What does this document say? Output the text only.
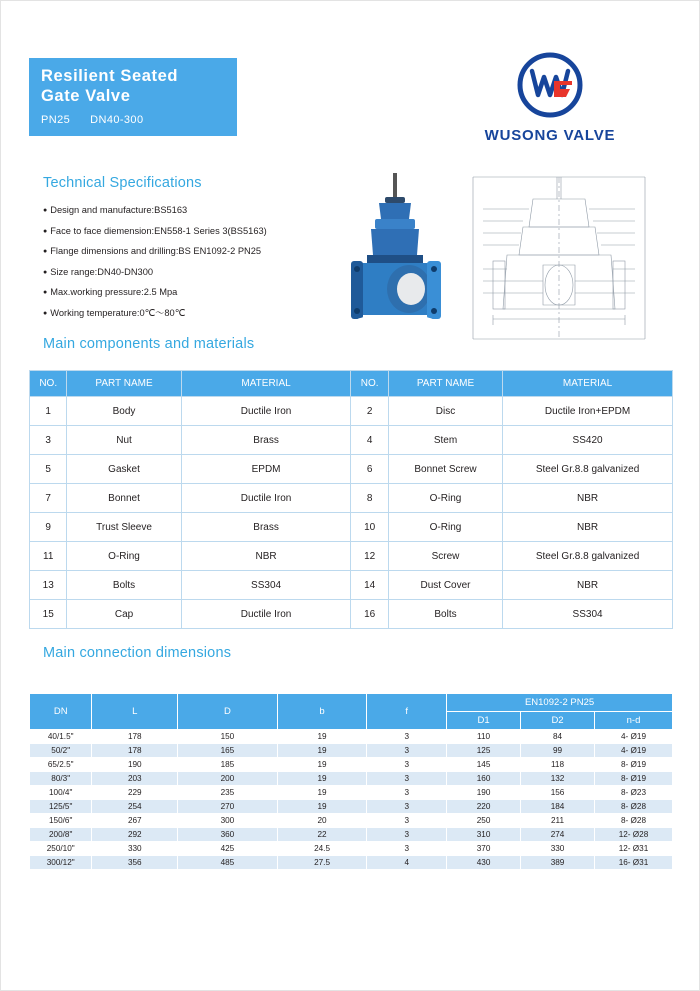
Resilient Seated
Gate Valve
PN25 DN40-300
WUSONG VALVE
Technical Specifications
● Design and manufacture:BS5163
● Face to face diemension:EN558-1 Series 3(BS5163)
● Flange dimensions and drilling:BS EN1092-2 PN25
● Size range:DN40-DN300
● Max.working pressure:2.5 Mpa
● Working temperature:0℃～80℃
Main components and materials
NO.	PART NAME	MATERIAL	NO.	PART NAME	MATERIAL
1	Body	Ductile Iron	2	Disc	Ductile Iron+EPDM
3	Nut	Brass	4	Stem	SS420
5	Gasket	EPDM	6	Bonnet Screw	Steel Gr.8.8 galvanized
7	Bonnet	Ductile Iron	8	O-Ring	NBR
9	Trust Sleeve	Brass	10	O-Ring	NBR
11	O-Ring	NBR	12	Screw	Steel Gr.8.8 galvanized
13	Bolts	SS304	14	Dust Cover	NBR
15	Cap	Ductile Iron	16	Bolts	SS304
Main connection dimensions
DN	L	D	b	f	EN1092-2 PN25		
					D1	D2	n-d
40/1.5"	178	150	19	3	110	84	4- Ø19
50/2"	178	165	19	3	125	99	4- Ø19
65/2.5"	190	185	19	3	145	118	8- Ø19
80/3"	203	200	19	3	160	132	8- Ø19
100/4"	229	235	19	3	190	156	8- Ø23
125/5"	254	270	19	3	220	184	8- Ø28
150/6"	267	300	20	3	250	211	8- Ø28
200/8"	292	360	22	3	310	274	12- Ø28
250/10"	330	425	24.5	3	370	330	12- Ø31
300/12"	356	485	27.5	4	430	389	16- Ø31
